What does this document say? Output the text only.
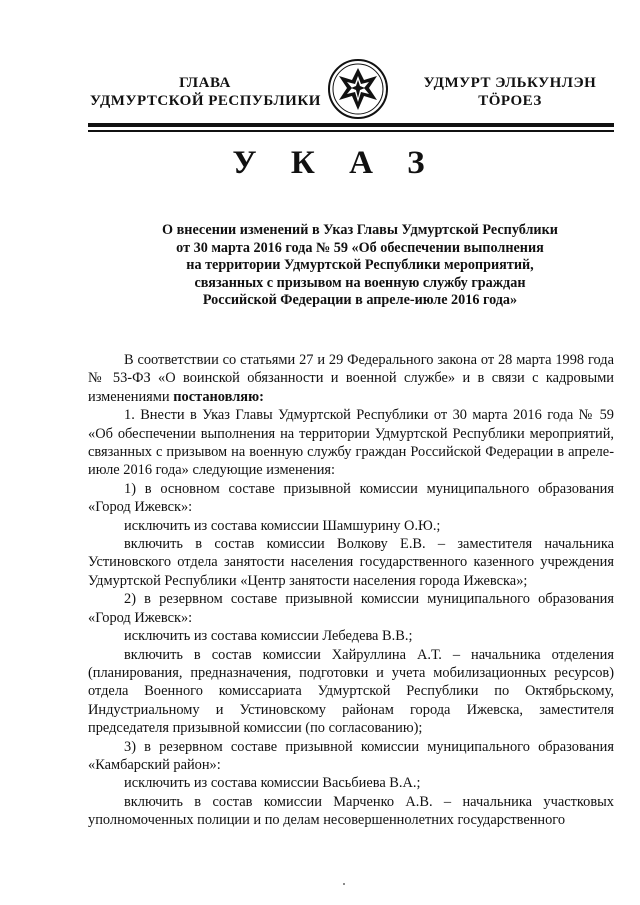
ГЛАВА
УДМУРТСКОЙ РЕСПУБЛИКИ
УДМУРТ ЭЛЬКУНЛЭН
ТӦРОЕЗ
У К А З
О внесении изменений в Указ Главы Удмуртской Республики
от 30 марта 2016 года № 59 «Об обеспечении выполнения
на территории Удмуртской Республики мероприятий,
связанных с призывом на военную службу граждан
Российской Федерации в апреле-июле 2016 года»

В соответствии со статьями 27 и 29 Федерального закона от 28 марта 1998 года № 53-ФЗ «О воинской обязанности и военной службе» и в связи с кадровыми изменениями постановляю:

1. Внести в Указ Главы Удмуртской Республики от 30 марта 2016 года № 59 «Об обеспечении выполнения на территории Удмуртской Республики мероприятий, связанных с призывом на военную службу граждан Российской Федерации в апреле-июле 2016 года» следующие изменения:

1) в основном составе призывной комиссии муниципального образования «Город Ижевск»:

исключить из состава комиссии Шамшурину О.Ю.;

включить в состав комиссии Волкову Е.В. – заместителя начальника Устиновского отдела занятости населения государственного казенного учреждения Удмуртской Республики «Центр занятости населения города Ижевска»;

2) в резервном составе призывной комиссии муниципального образования «Город Ижевск»:

исключить из состава комиссии Лебедева В.В.;

включить в состав комиссии Хайруллина А.Т. – начальника отделения (планирования, предназначения, подготовки и учета мобилизационных ресурсов) отдела Военного комиссариата Удмуртской Республики по Октябрьскому, Индустриальному и Устиновскому районам города Ижевска, заместителя председателя призывной комиссии (по согласованию);

3) в резервном составе призывной комиссии муниципального образования «Камбарский район»:

исключить из состава комиссии Васьбиева В.А.;

включить в состав комиссии Марченко А.В. – начальника участковых уполномоченных полиции и по делам несовершеннолетних государственного
